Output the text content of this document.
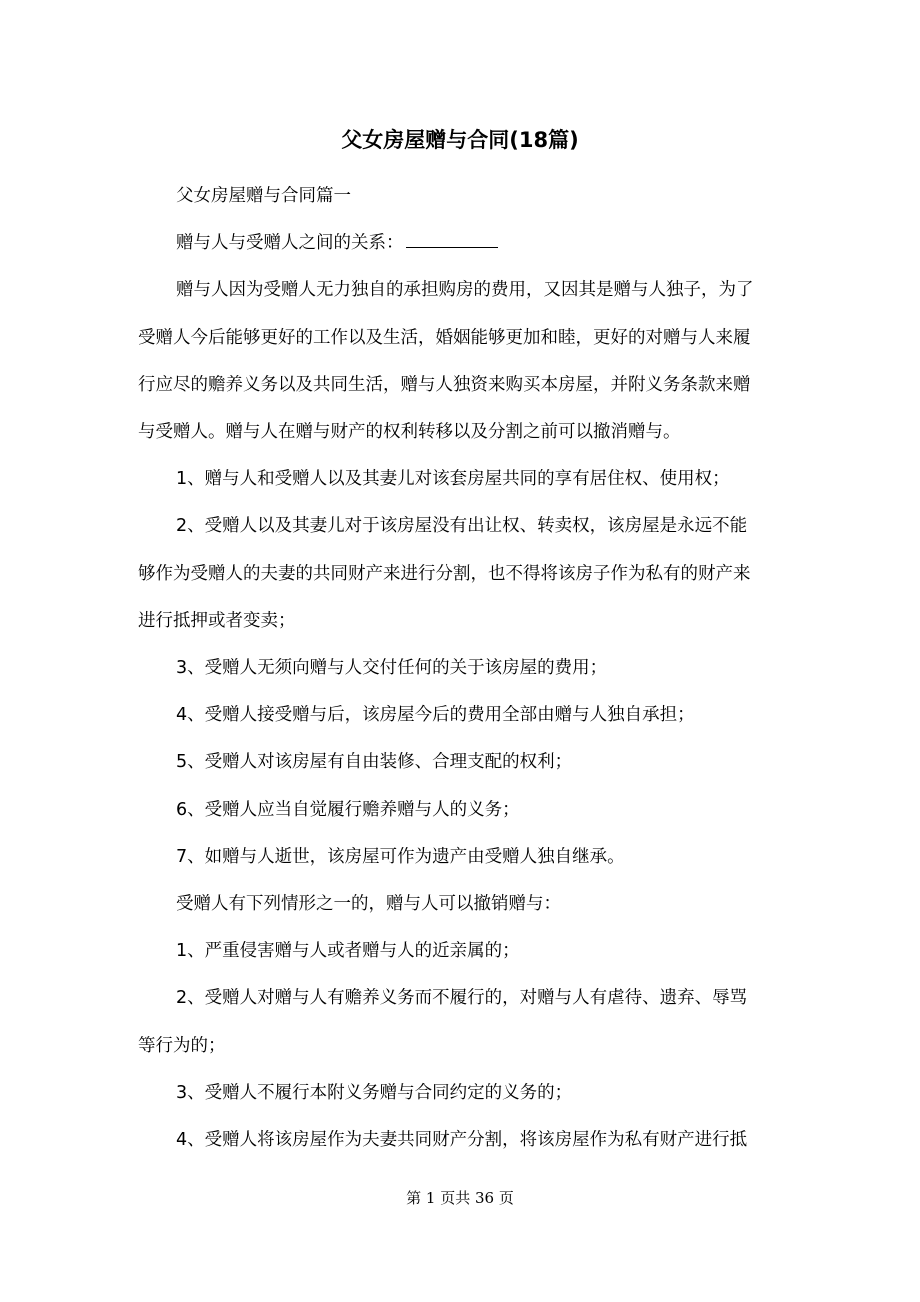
父女房屋赠与合同(18篇)

父女房屋赠与合同篇一

赠与人与受赠人之间的关系：

赠与人因为受赠人无力独自的承担购房的费用，又因其是赠与人独子，为了

受赠人今后能够更好的工作以及生活，婚姻能够更加和睦，更好的对赠与人来履

行应尽的赡养义务以及共同生活，赠与人独资来购买本房屋，并附义务条款来赠

与受赠人。赠与人在赠与财产的权利转移以及分割之前可以撤消赠与。

1、赠与人和受赠人以及其妻儿对该套房屋共同的享有居住权、使用权；

2、受赠人以及其妻儿对于该房屋没有出让权、转卖权，该房屋是永远不能

够作为受赠人的夫妻的共同财产来进行分割，也不得将该房子作为私有的财产来

进行抵押或者变卖；

3、受赠人无须向赠与人交付任何的关于该房屋的费用；

4、受赠人接受赠与后，该房屋今后的费用全部由赠与人独自承担；

5、受赠人对该房屋有自由装修、合理支配的权利；

6、受赠人应当自觉履行赡养赠与人的义务；

7、如赠与人逝世，该房屋可作为遗产由受赠人独自继承。

受赠人有下列情形之一的，赠与人可以撤销赠与：

1、严重侵害赠与人或者赠与人的近亲属的；

2、受赠人对赠与人有赡养义务而不履行的，对赠与人有虐待、遗弃、辱骂

等行为的；

3、受赠人不履行本附义务赠与合同约定的义务的；

4、受赠人将该房屋作为夫妻共同财产分割，将该房屋作为私有财产进行抵

第 1 页共 36 页
